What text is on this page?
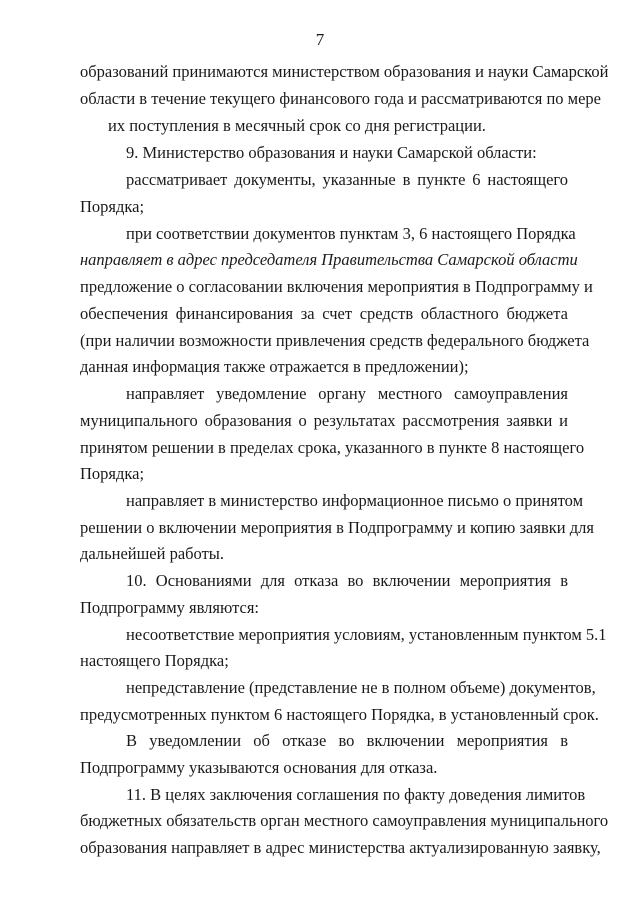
7
образований принимаются министерством образования и науки Самарской
области в течение текущего финансового года и рассматриваются по мере
их поступления в месячный срок со дня регистрации.
9. Министерство образования и науки Самарской области:
рассматривает документы, указанные в пункте 6 настоящего
Порядка;
при соответствии документов пунктам 3, 6 настоящего Порядка
направляет в адрес председателя Правительства Самарской области
предложение о согласовании включения мероприятия в Подпрограмму и
обеспечения финансирования за счет средств областного бюджета
(при наличии возможности привлечения средств федерального бюджета
данная информация также отражается в предложении);
направляет уведомление органу местного самоуправления
муниципального образования о результатах рассмотрения заявки и
принятом решении в пределах срока, указанного в пункте 8 настоящего
Порядка;
направляет в министерство информационное письмо о принятом
решении о включении мероприятия в Подпрограмму и копию заявки для
дальнейшей работы.
10. Основаниями для отказа во включении мероприятия в
Подпрограмму являются:
несоответствие мероприятия условиям, установленным пунктом 5.1
настоящего Порядка;
непредставление (представление не в полном объеме) документов,
предусмотренных пунктом 6 настоящего Порядка, в установленный срок.
В уведомлении об отказе во включении мероприятия в
Подпрограмму указываются основания для отказа.
11. В целях заключения соглашения по факту доведения лимитов
бюджетных обязательств орган местного самоуправления муниципального
образования направляет в адрес министерства актуализированную заявку,
